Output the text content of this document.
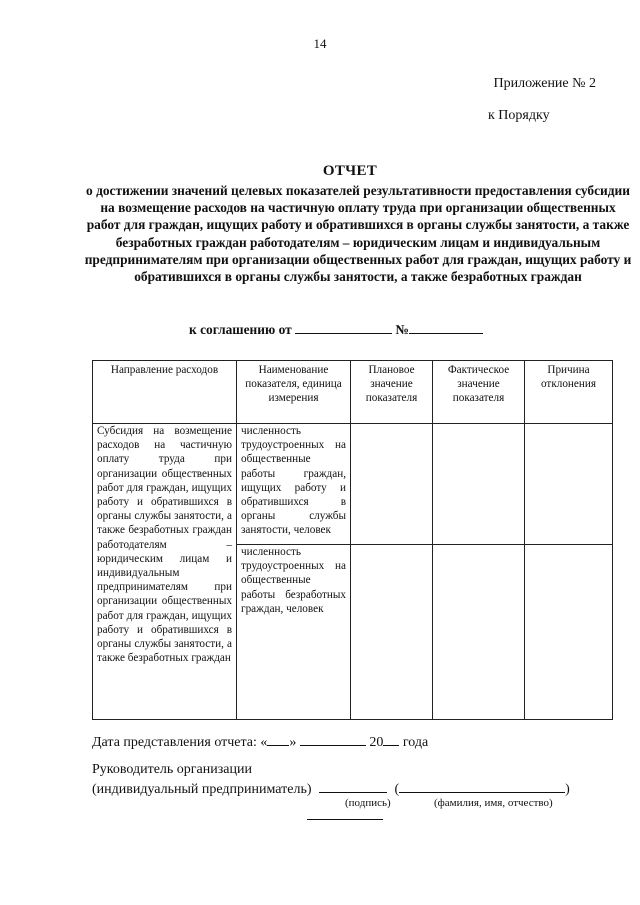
14
Приложение № 2
к Порядку
ОТЧЕТ
о достижении значений целевых показателей результативности предоставления субсидии на возмещение расходов на частичную оплату труда при организации общественных работ для граждан, ищущих работу и обратившихся в органы службы занятости, а также безработных граждан работодателям – юридическим лицам и индивидуальным предпринимателям при организации общественных работ для граждан, ищущих работу и обратившихся в органы службы занятости, а также безработных граждан
к соглашению от	№
Направление расходов	Наименование показателя, единица измерения	Плановое значение показателя	Фактическое значение показателя	Причина отклонения
Субсидия на возмещение расходов на частичную оплату труда при организации общественных работ для граждан, ищущих работу и обратившихся в органы службы занятости, а также безработных граждан работодателям – юридическим лицам и индивидуальным предпринимателям при организации общественных работ для граждан, ищущих работу и обратившихся в органы службы занятости, а также безработных граждан	численность трудоустроенных на общественные работы граждан, ищущих работу и обратившихся в органы службы занятости, человек			
	численность трудоустроенных на общественные работы безработных граждан, человек			
Дата представления отчета: « »	20 года
Руководитель организации
(индивидуальный предприниматель)	(	)
(подпись)	(фамилия, имя, отчество)
